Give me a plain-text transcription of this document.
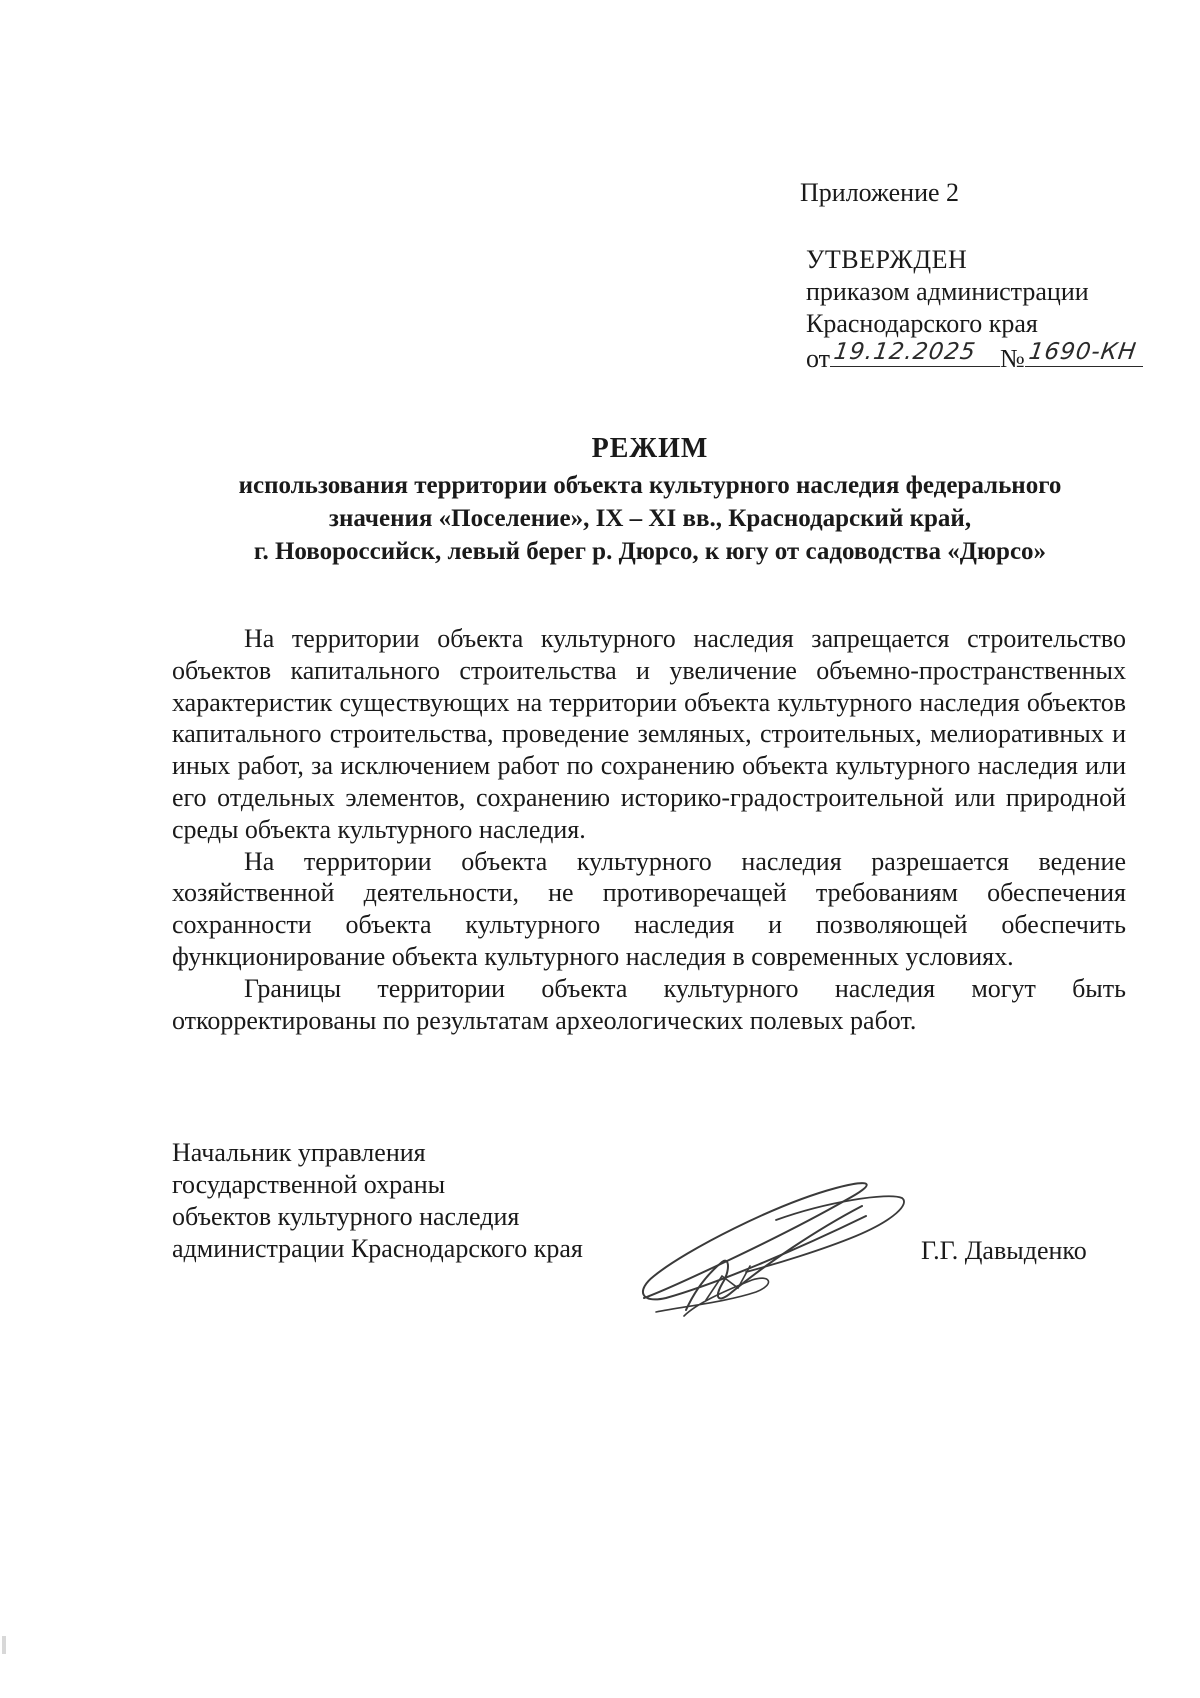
Приложение 2
УТВЕРЖДЕН
приказом администрации
Краснодарского края
от 19.12.2025 № 1690-КН
РЕЖИМ
использования территории объекта культурного наследия федерального
значения «Поселение», IX – XI вв., Краснодарский край,
г. Новороссийск, левый берег р. Дюрсо, к югу от садоводства «Дюрсо»

На территории объекта культурного наследия запрещается строительство объектов капитального строительства и увеличение объемно-пространственных характеристик существующих на территории объекта культурного наследия объектов капитального строительства, проведение земляных, строительных, мелиоративных и иных работ, за исключением работ по сохранению объекта культурного наследия или его отдельных элементов, сохранению историко-градостроительной или природной среды объекта культурного наследия.

На территории объекта культурного наследия разрешается ведение хозяйственной деятельности, не противоречащей требованиям обеспечения сохранности объекта культурного наследия и позволяющей обеспечить функционирование объекта культурного наследия в современных условиях.

Границы территории объекта культурного наследия могут быть откорректированы по результатам археологических полевых работ.

Начальник управления
государственной охраны
объектов культурного наследия
администрации Краснодарского края	Г.Г. Давыденко
